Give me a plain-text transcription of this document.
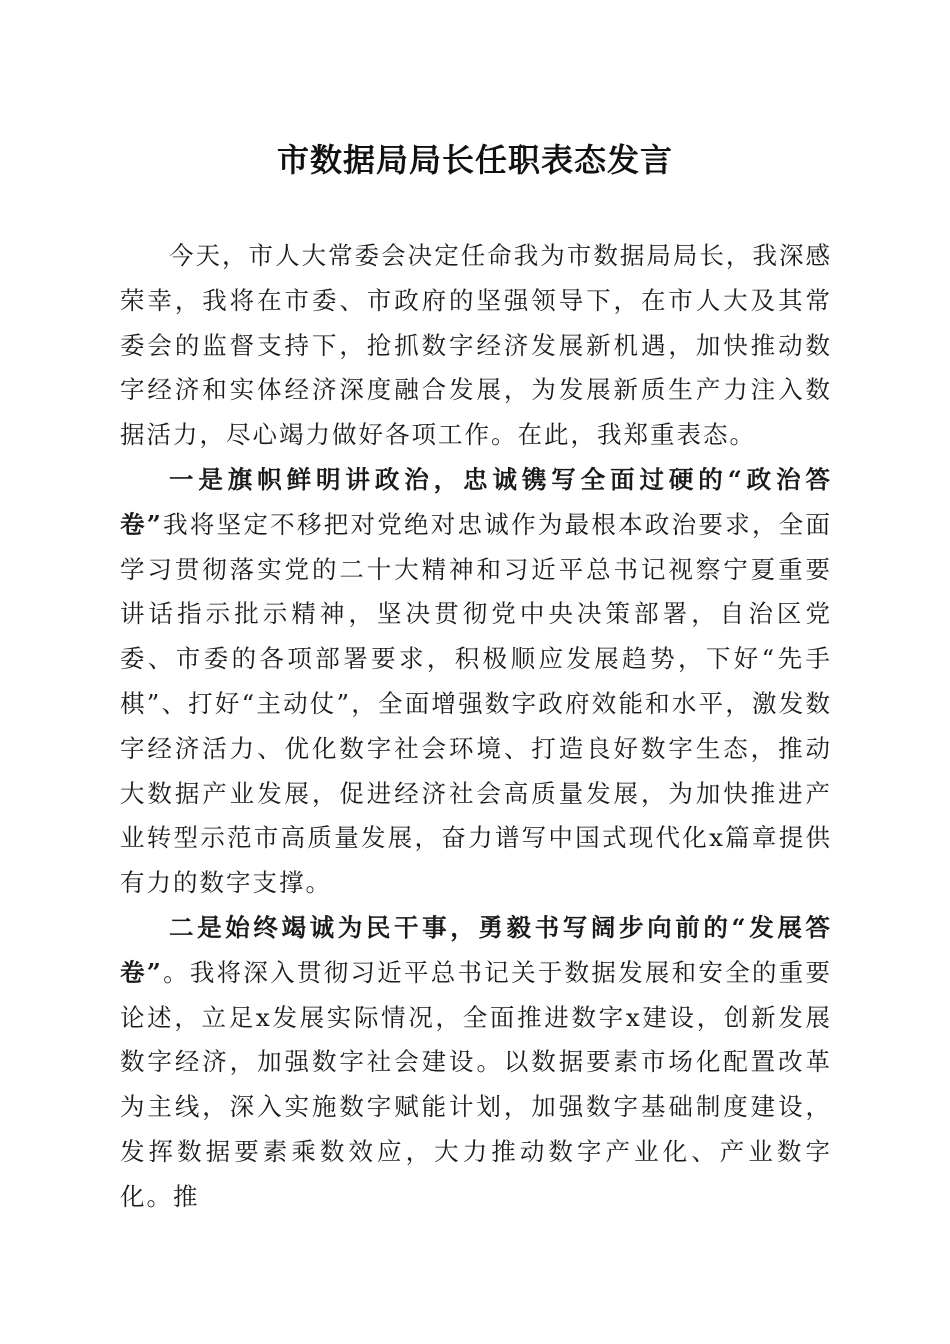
市数据局局长任职表态发言

今天，市人大常委会决定任命我为市数据局局长，我深感荣幸，我将在市委、市政府的坚强领导下，在市人大及其常委会的监督支持下，抢抓数字经济发展新机遇，加快推动数字经济和实体经济深度融合发展，为发展新质生产力注入数据活力，尽心竭力做好各项工作。在此，我郑重表态。

一是旗帜鲜明讲政治，忠诚镌写全面过硬的“政治答卷”我将坚定不移把对党绝对忠诚作为最根本政治要求，全面学习贯彻落实党的二十大精神和习近平总书记视察宁夏重要讲话指示批示精神，坚决贯彻党中央决策部署，自治区党委、市委的各项部署要求，积极顺应发展趋势，下好“先手棋”、打好“主动仗”，全面增强数字政府效能和水平，激发数字经济活力、优化数字社会环境、打造良好数字生态，推动大数据产业发展，促进经济社会高质量发展，为加快推进产业转型示范市高质量发展，奋力谱写中国式现代化x篇章提供有力的数字支撑。

二是始终竭诚为民干事，勇毅书写阔步向前的“发展答卷”。我将深入贯彻习近平总书记关于数据发展和安全的重要论述，立足x发展实际情况，全面推进数字x建设，创新发展数字经济，加强数字社会建设。以数据要素市场化配置改革为主线，深入实施数字赋能计划，加强数字基础制度建设，发挥数据要素乘数效应，大力推动数字产业化、产业数字化。推
